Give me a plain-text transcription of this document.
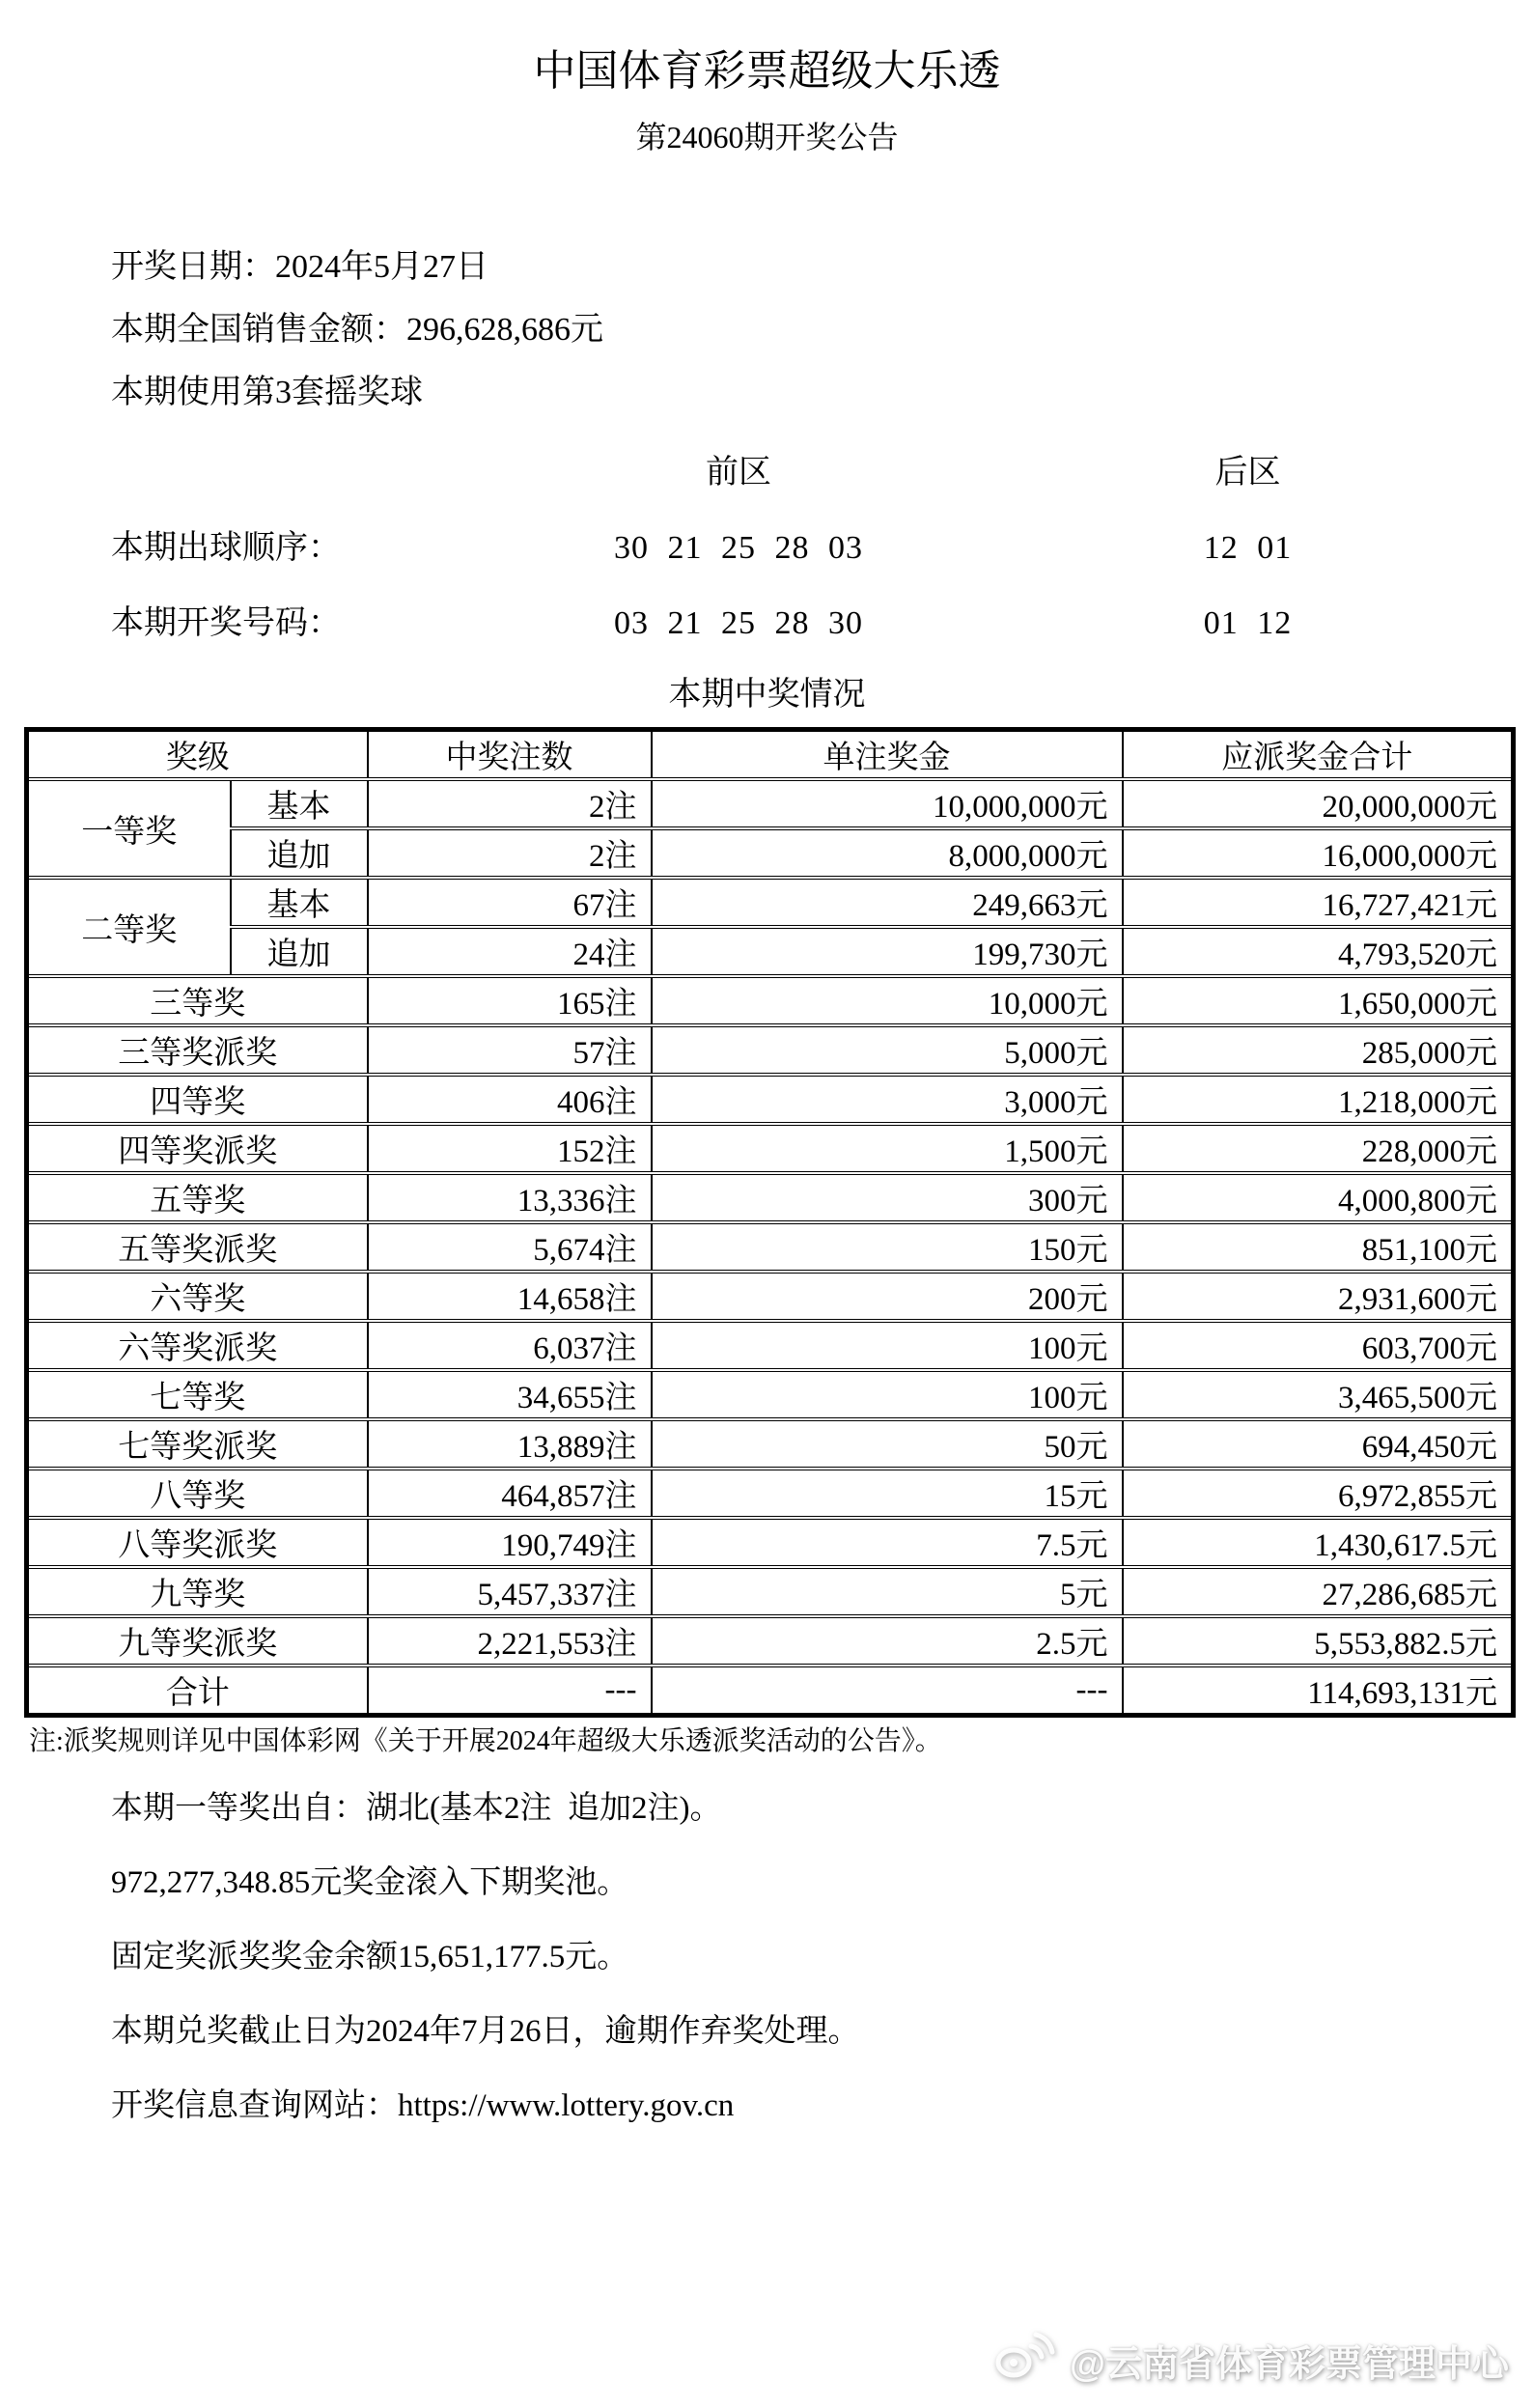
中国体育彩票超级大乐透
第24060期开奖公告
开奖日期：2024年5月27日
本期全国销售金额：296,628,686元
本期使用第3套摇奖球
前区	后区
本期出球顺序：	30 21 25 28 03	12 01
本期开奖号码：	03 21 25 28 30	01 12
本期中奖情况
奖级		中奖注数	单注奖金	应派奖金合计
一等奖	基本	2注	10,000,000元	20,000,000元
	追加	2注	8,000,000元	16,000,000元
二等奖	基本	67注	249,663元	16,727,421元
	追加	24注	199,730元	4,793,520元
三等奖		165注	10,000元	1,650,000元
三等奖派奖		57注	5,000元	285,000元
四等奖		406注	3,000元	1,218,000元
四等奖派奖		152注	1,500元	228,000元
五等奖		13,336注	300元	4,000,800元
五等奖派奖		5,674注	150元	851,100元
六等奖		14,658注	200元	2,931,600元
六等奖派奖		6,037注	100元	603,700元
七等奖		34,655注	100元	3,465,500元
七等奖派奖		13,889注	50元	694,450元
八等奖		464,857注	15元	6,972,855元
八等奖派奖		190,749注	7.5元	1,430,617.5元
九等奖		5,457,337注	5元	27,286,685元
九等奖派奖		2,221,553注	2.5元	5,553,882.5元
合计		---	---	114,693,131元
注:派奖规则详见中国体彩网《关于开展2024年超级大乐透派奖活动的公告》。

本期一等奖出自：湖北(基本2注  追加2注)。

972,277,348.85元奖金滚入下期奖池。

固定奖派奖奖金余额15,651,177.5元。

本期兑奖截止日为2024年7月26日，逾期作弃奖处理。

开奖信息查询网站：https://www.lottery.gov.cn

@云南省体育彩票管理中心
